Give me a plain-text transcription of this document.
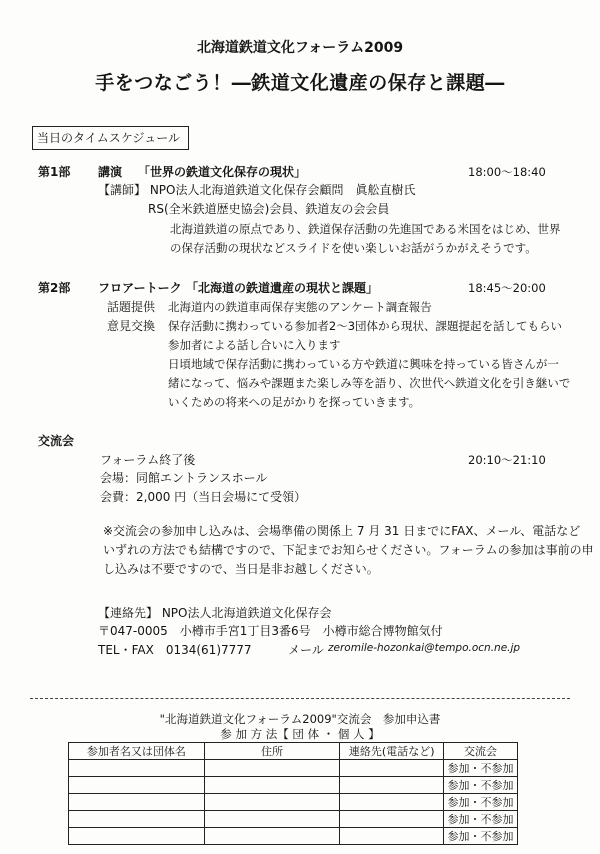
北海道鉄道文化フォーラム2009
手をつなごう！―鉄道文化遺産の保存と課題―
当日のタイムスケジュール
第1部 講演 「世界の鉄道文化保存の現状」	18:00～18:40
【講師】 NPO法人北海道鉄道文化保存会顧問　眞舩直樹氏
RS(全米鉄道歴史協会)会員、鉄道友の会会員
北海道鉄道の原点であり、鉄道保存活動の先進国である米国をはじめ、世界
の保存活動の現状などスライドを使い楽しいお話がうかがえそうです。
第2部 フロアートーク 「北海道の鉄道遺産の現状と課題」	18:45～20:00
話題提供 北海道内の鉄道車両保存実態のアンケート調査報告
意見交換 保存活動に携わっている参加者2～3団体から現状、課題提起を話してもらい
参加者による話し合いに入ります
日頃地域で保存活動に携わっている方や鉄道に興味を持っている皆さんが一
緒になって、悩みや課題また楽しみ等を語り、次世代へ鉄道文化を引き継いで
いくための将来への足がかりを探っていきます。
交流会
フォーラム終了後	20:10～21:10
会場：同館エントランスホール
会費：2,000 円（当日会場にて受領）
※交流会の参加申し込みは、会場準備の関係上 7 月 31 日までにFAX、メール、電話など
いずれの方法でも結構ですので、下記までお知らせください。フォーラムの参加は事前の申
し込みは不要ですので、当日是非お越しください。
【連絡先】 NPO法人北海道鉄道文化保存会
〒047-0005　小樽市手宮1丁目3番6号　小樽市総合博物館気付
TEL・FAX　0134(61)7777	メール zeromile-hozonkai@tempo.ocn.ne.jp
"北海道鉄道文化フォーラム2009"交流会　参加申込書
参 加 方 法【 団 体 ・ 個 人 】
参加者名又は団体名	住所	連絡先(電話など)	交流会
			参加・不参加
			参加・不参加
			参加・不参加
			参加・不参加
			参加・不参加
